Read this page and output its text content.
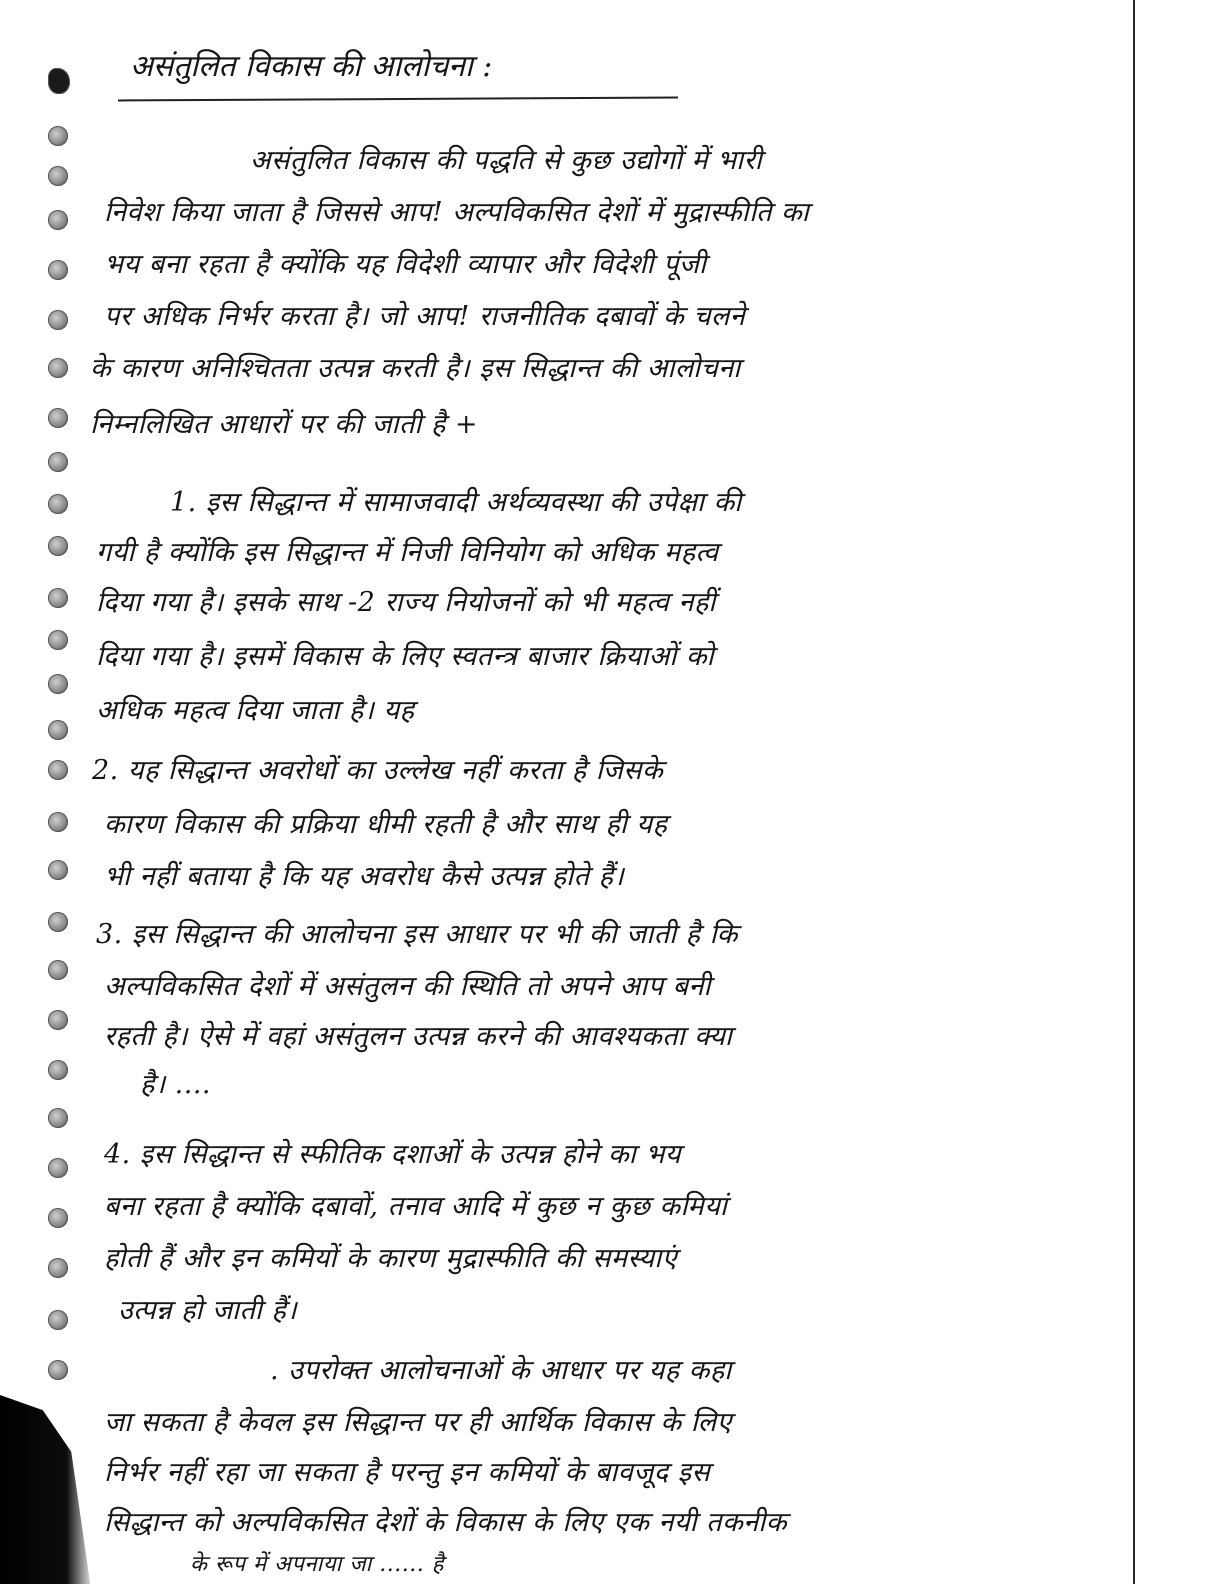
असंतुलित विकास की आलोचना :
असंतुलित विकास की पद्धति से कुछ उद्योगों में भारी
निवेश किया जाता है जिससे आप! अल्पविकसित देशों में मुद्रास्फीति का
भय बना रहता है क्योंकि यह विदेशी व्यापार और विदेशी पूंजी
पर अधिक निर्भर करता है। जो आप! राजनीतिक दबावों के चलने
के कारण अनिश्चितता उत्पन्न करती है। इस सिद्धान्त की आलोचना
निम्नलिखित आधारों पर की जाती है +
1. इस सिद्धान्त में सामाजवादी अर्थव्यवस्था की उपेक्षा की
गयी है क्योंकि इस सिद्धान्त में निजी विनियोग को अधिक महत्व
दिया गया है। इसके साथ -2 राज्य नियोजनों को भी महत्व नहीं
दिया गया है। इसमें विकास के लिए स्वतन्त्र बाजार क्रियाओं को
अधिक महत्व दिया जाता है। यह
2. यह सिद्धान्त अवरोधों का उल्लेख नहीं करता है जिसके
कारण विकास की प्रक्रिया धीमी रहती है और साथ ही यह
भी नहीं बताया है कि यह अवरोध कैसे उत्पन्न होते हैं।
3. इस सिद्धान्त की आलोचना इस आधार पर भी की जाती है कि
अल्पविकसित देशों में असंतुलन की स्थिति तो अपने आप बनी
रहती है। ऐसे में वहां असंतुलन उत्पन्न करने की आवश्यकता क्या
है। ....
4. इस सिद्धान्त से स्फीतिक दशाओं के उत्पन्न होने का भय
बना रहता है क्योंकि दबावों, तनाव आदि में कुछ न कुछ कमियां
होती हैं और इन कमियों के कारण मुद्रास्फीति की समस्याएं
उत्पन्न हो जाती हैं।
. उपरोक्त आलोचनाओं के आधार पर यह कहा
जा सकता है केवल इस सिद्धान्त पर ही आर्थिक विकास के लिए
निर्भर नहीं रहा जा सकता है परन्तु इन कमियों के बावजूद इस
सिद्धान्त को अल्पविकसित देशों के विकास के लिए एक नयी तकनीक
के रूप में अपनाया जा ...... है
